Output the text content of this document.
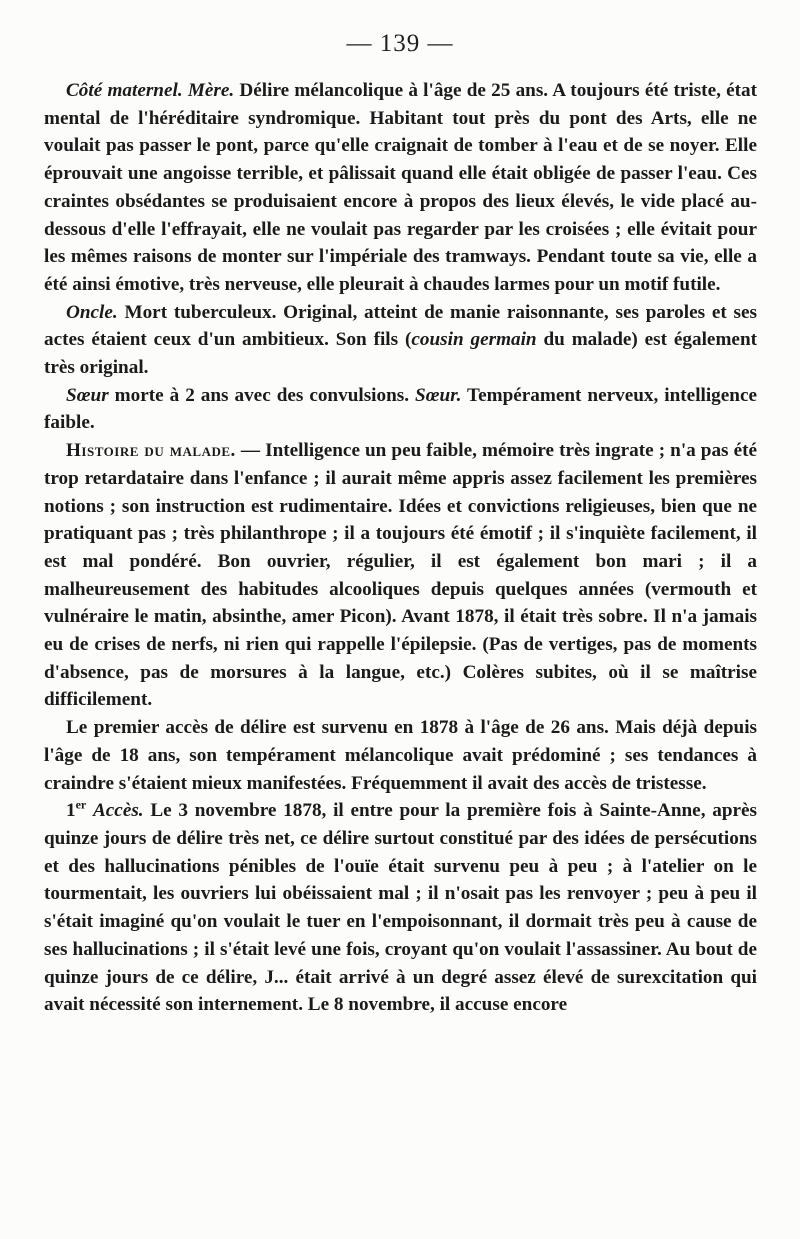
— 139 —

Côté maternel. Mère. Délire mélancolique à l'âge de 25 ans. A toujours été triste, état mental de l'héréditaire syndromique. Habitant tout près du pont des Arts, elle ne voulait pas passer le pont, parce qu'elle craignait de tomber à l'eau et de se noyer. Elle éprouvait une angoisse terrible, et pâlissait quand elle était obligée de passer l'eau. Ces craintes obsédantes se produisaient encore à propos des lieux élevés, le vide placé au-dessous d'elle l'effrayait, elle ne voulait pas regarder par les croisées ; elle évitait pour les mêmes raisons de monter sur l'impériale des tramways. Pendant toute sa vie, elle a été ainsi émotive, très nerveuse, elle pleurait à chaudes larmes pour un motif futile.

Oncle. Mort tuberculeux. Original, atteint de manie raisonnante, ses paroles et ses actes étaient ceux d'un ambitieux. Son fils (cousin germain du malade) est également très original.

Sœur morte à 2 ans avec des convulsions. Sœur. Tempérament nerveux, intelligence faible.

Histoire du malade. — Intelligence un peu faible, mémoire très ingrate ; n'a pas été trop retardataire dans l'enfance ; il aurait même appris assez facilement les premières notions ; son instruction est rudimentaire. Idées et convictions religieuses, bien que ne pratiquant pas ; très philanthrope ; il a toujours été émotif ; il s'inquiète facilement, il est mal pondéré. Bon ouvrier, régulier, il est également bon mari ; il a malheureusement des habitudes alcooliques depuis quelques années (vermouth et vulnéraire le matin, absinthe, amer Picon). Avant 1878, il était très sobre. Il n'a jamais eu de crises de nerfs, ni rien qui rappelle l'épilepsie. (Pas de vertiges, pas de moments d'absence, pas de morsures à la langue, etc.) Colères subites, où il se maîtrise difficilement.

Le premier accès de délire est survenu en 1878 à l'âge de 26 ans. Mais déjà depuis l'âge de 18 ans, son tempérament mélancolique avait prédominé ; ses tendances à craindre s'étaient mieux manifestées. Fréquemment il avait des accès de tristesse.

1er Accès. Le 3 novembre 1878, il entre pour la première fois à Sainte-Anne, après quinze jours de délire très net, ce délire surtout constitué par des idées de persécutions et des hallucinations pénibles de l'ouïe était survenu peu à peu ; à l'atelier on le tourmentait, les ouvriers lui obéissaient mal ; il n'osait pas les renvoyer ; peu à peu il s'était imaginé qu'on voulait le tuer en l'empoisonnant, il dormait très peu à cause de ses hallucinations ; il s'était levé une fois, croyant qu'on voulait l'assassiner. Au bout de quinze jours de ce délire, J... était arrivé à un degré assez élevé de surexcitation qui avait nécessité son internement. Le 8 novembre, il accuse encore
